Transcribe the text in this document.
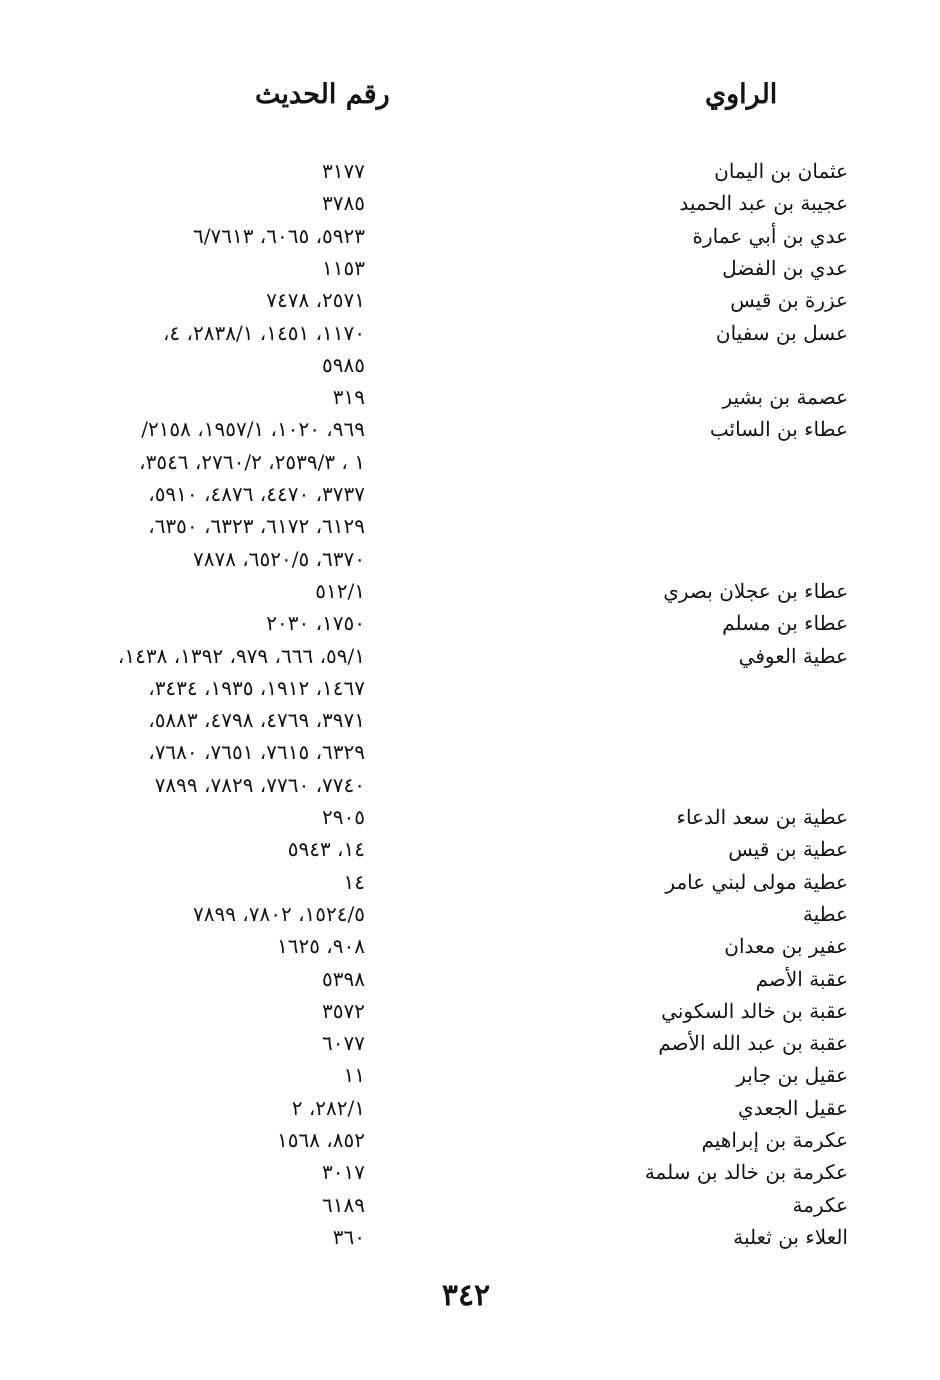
الراوي
رقم الحديث
عثمان بن اليمان
٣١٧٧
عجيبة بن عبد الحميد
٣٧٨٥
عدي بن أبي عمارة
٥٩٢٣، ٦٠٦٥، ٦/٧٦١٣
عدي بن الفضل
١١٥٣
عزرة بن قيس
٢٥٧١، ٧٤٧٨
عسل بن سفيان
١١٧٠، ١٤٥١، ٢٨٣٨/١، ٤،
٥٩٨٥
عصمة بن بشير
٣١٩
عطاء بن السائب
٩٦٩، ١٠٢٠، ١٩٥٧/١، ٢١٥٨/
١ ، ٢٥٣٩/٣، ٢٧٦٠/٢، ٣٥٤٦،
٣٧٣٧، ٤٤٧٠، ٤٨٧٦، ٥٩١٠،
٦١٢٩، ٦١٧٢، ٦٣٢٣، ٦٣٥٠،
٦٣٧٠، ٦٥٢٠/٥، ٧٨٧٨
عطاء بن عجلان بصري
٥١٢/١
عطاء بن مسلم
١٧٥٠، ٢٠٣٠
عطية العوفي
٥٩/١، ٦٦٦، ٩٧٩، ١٣٩٢، ١٤٣٨،
١٤٦٧، ١٩١٢، ١٩٣٥، ٣٤٣٤،
٣٩٧١، ٤٧٦٩، ٤٧٩٨، ٥٨٨٣،
٦٣٢٩، ٧٦١٥، ٧٦٥١، ٧٦٨٠،
٧٧٤٠، ٧٧٦٠، ٧٨٢٩، ٧٨٩٩
عطية بن سعد الدعاء
٢٩٠٥
عطية بن قيس
١٤، ٥٩٤٣
عطية مولى لبني عامر
١٤
عطية
١٥٢٤/٥، ٧٨٠٢، ٧٨٩٩
عفير بن معدان
٩٠٨، ١٦٢٥
عقبة الأصم
٥٣٩٨
عقبة بن خالد السكوني
٣٥٧٢
عقبة بن عبد الله الأصم
٦٠٧٧
عقيل بن جابر
١١
عقيل الجعدي
٢٨٢/١، ٢
عكرمة بن إبراهيم
٨٥٢، ١٥٦٨
عكرمة بن خالد بن سلمة
٣٠١٧
عكرمة
٦١٨٩
العلاء بن ثعلبة
٣٦٠
٣٤٢
